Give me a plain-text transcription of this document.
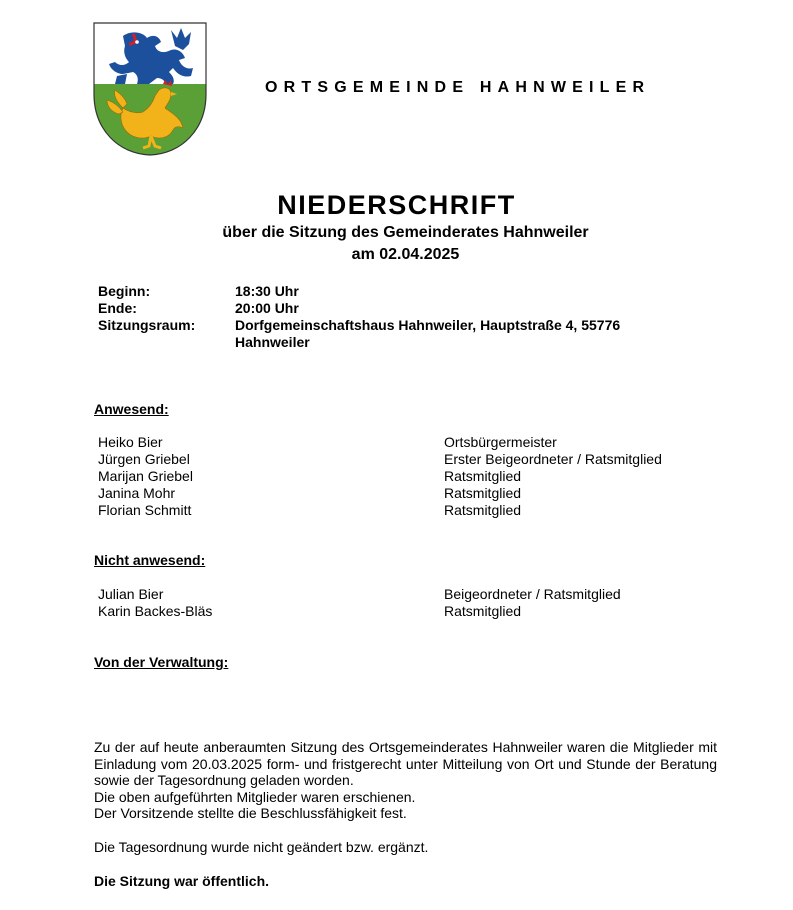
ORTSGEMEINDE HAHNWEILER
NIEDERSCHRIFT
über die Sitzung des Gemeinderates Hahnweiler
am 02.04.2025
Beginn:	18:30 Uhr
Ende:	20:00 Uhr
Sitzungsraum:	Dorfgemeinschaftshaus Hahnweiler, Hauptstraße 4, 55776 Hahnweiler
Anwesend:
Heiko Bier	Ortsbürgermeister
Jürgen Griebel	Erster Beigeordneter / Ratsmitglied
Marijan Griebel	Ratsmitglied
Janina Mohr	Ratsmitglied
Florian Schmitt	Ratsmitglied
Nicht anwesend:
Julian Bier	Beigeordneter / Ratsmitglied
Karin Backes-Bläs	Ratsmitglied
Von der Verwaltung:

Zu der auf heute anberaumten Sitzung des Ortsgemeinderates Hahnweiler waren die Mitglieder mit Einladung vom 20.03.2025 form- und fristgerecht unter Mitteilung von Ort und Stunde der Beratung sowie der Tagesordnung geladen worden.

Die oben aufgeführten Mitglieder waren erschienen.

Der Vorsitzende stellte die Beschlussfähigkeit fest.

Die Tagesordnung wurde nicht geändert bzw. ergänzt.
Die Sitzung war öffentlich.
